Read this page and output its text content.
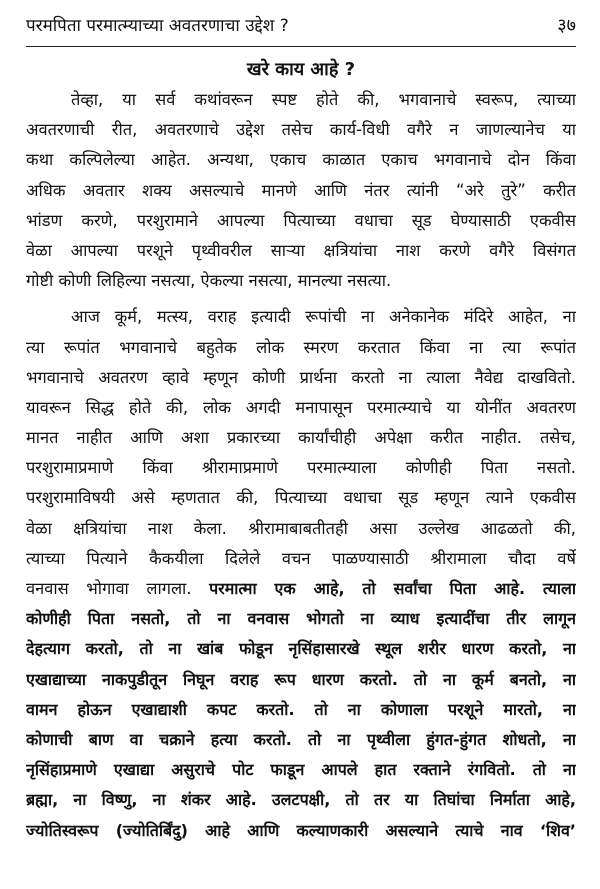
परमपिता परमात्म्याच्या अवतरणाचा उद्देश ?	३७
खरे काय आहे ?
तेव्हा, या सर्व कथांवरून स्पष्ट होते की, भगवानाचे स्वरूप, त्याच्या
अवतरणाची रीत, अवतरणाचे उद्देश तसेच कार्य-विधी वगैरे न जाणल्यानेच या
कथा कल्पिलेल्या आहेत. अन्यथा, एकाच काळात एकाच भगवानाचे दोन किंवा
अधिक अवतार शक्य असल्याचे मानणे आणि नंतर त्यांनी “अरे तुरे” करीत
भांडण करणे, परशुरामाने आपल्या पित्याच्या वधाचा सूड घेण्यासाठी एकवीस
वेळा आपल्या परशूने पृथ्वीवरील साऱ्या क्षत्रियांचा नाश करणे वगैरे विसंगत
गोष्टी कोणी लिहिल्या नसत्या, ऐकल्या नसत्या, मानल्या नसत्या.
आज कूर्म, मत्स्य, वराह इत्यादी रूपांची ना अनेकानेक मंदिरे आहेत, ना
त्या रूपांत भगवानाचे बहुतेक लोक स्मरण करतात किंवा ना त्या रूपांत
भगवानाचे अवतरण व्हावे म्हणून कोणी प्रार्थना करतो ना त्याला नैवेद्य दाखवितो.
यावरून सिद्ध होते की, लोक अगदी मनापासून परमात्म्याचे या योनींत अवतरण
मानत नाहीत आणि अशा प्रकारच्या कार्यांचीही अपेक्षा करीत नाहीत. तसेच,
परशुरामाप्रमाणे किंवा श्रीरामाप्रमाणे परमात्म्याला कोणीही पिता नसतो.
परशुरामाविषयी असे म्हणतात की, पित्याच्या वधाचा सूड म्हणून त्याने एकवीस
वेळा क्षत्रियांचा नाश केला. श्रीरामाबाबतीतही असा उल्लेख आढळतो की,
त्याच्या पित्याने कैकयीला दिलेले वचन पाळण्यासाठी श्रीरामाला चौदा वर्षे
वनवास भोगावा लागला. परमात्मा एक आहे, तो सर्वांचा पिता आहे. त्याला
कोणीही पिता नसतो, तो ना वनवास भोगतो ना व्याध इत्यादींचा तीर लागून
देहत्याग करतो, तो ना खांब फोडून नृसिंहासारखे स्थूल शरीर धारण करतो, ना
एखाद्याच्या नाकपुडीतून निघून वराह रूप धारण करतो. तो ना कूर्म बनतो, ना
वामन होऊन एखाद्याशी कपट करतो. तो ना कोणाला परशूने मारतो, ना
कोणाची बाण वा चक्राने हत्या करतो. तो ना पृथ्वीला हुंगत-हुंगत शोधतो, ना
नृसिंहाप्रमाणे एखाद्या असुराचे पोट फाडून आपले हात रक्ताने रंगवितो. तो ना
ब्रह्मा, ना विष्णु, ना शंकर आहे. उलटपक्षी, तो तर या तिघांचा निर्माता आहे,
ज्योतिस्वरूप (ज्योतिर्बिंदु) आहे आणि कल्याणकारी असल्याने त्याचे नाव ‘शिव’
